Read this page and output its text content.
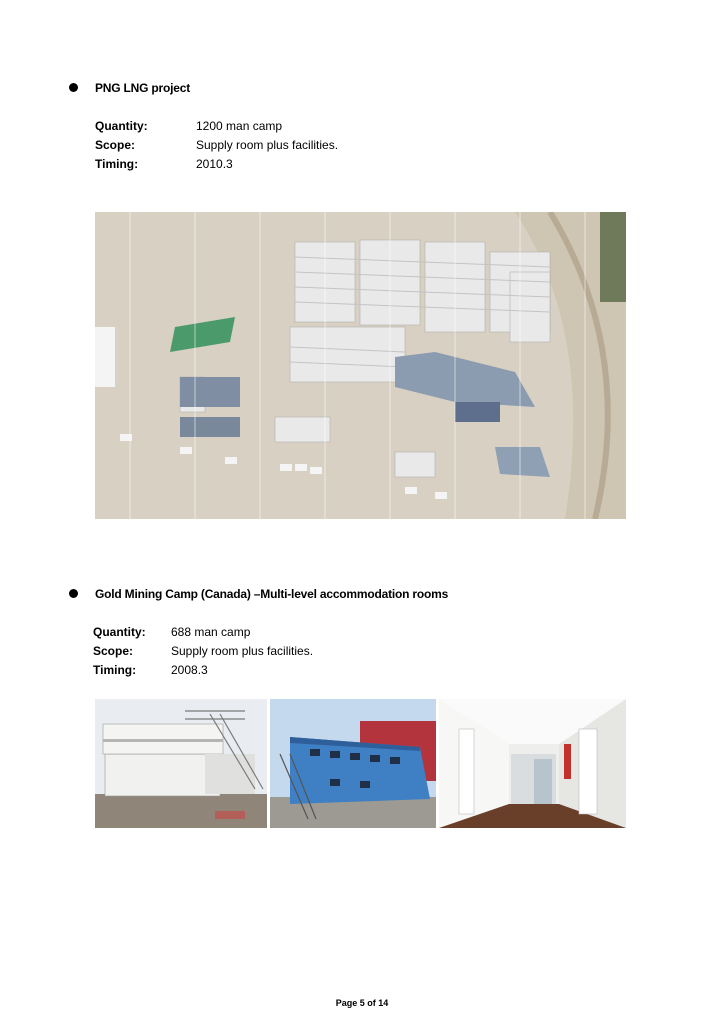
PNG LNG project
Quantity:	1200 man camp
Scope:	Supply room plus facilities.
Timing:	2010.3
Gold Mining Camp (Canada) –Multi-level accommodation rooms
Quantity: 688 man camp
Scope:	Supply room plus facilities.
Timing:	2008.3
Page 5 of 14
